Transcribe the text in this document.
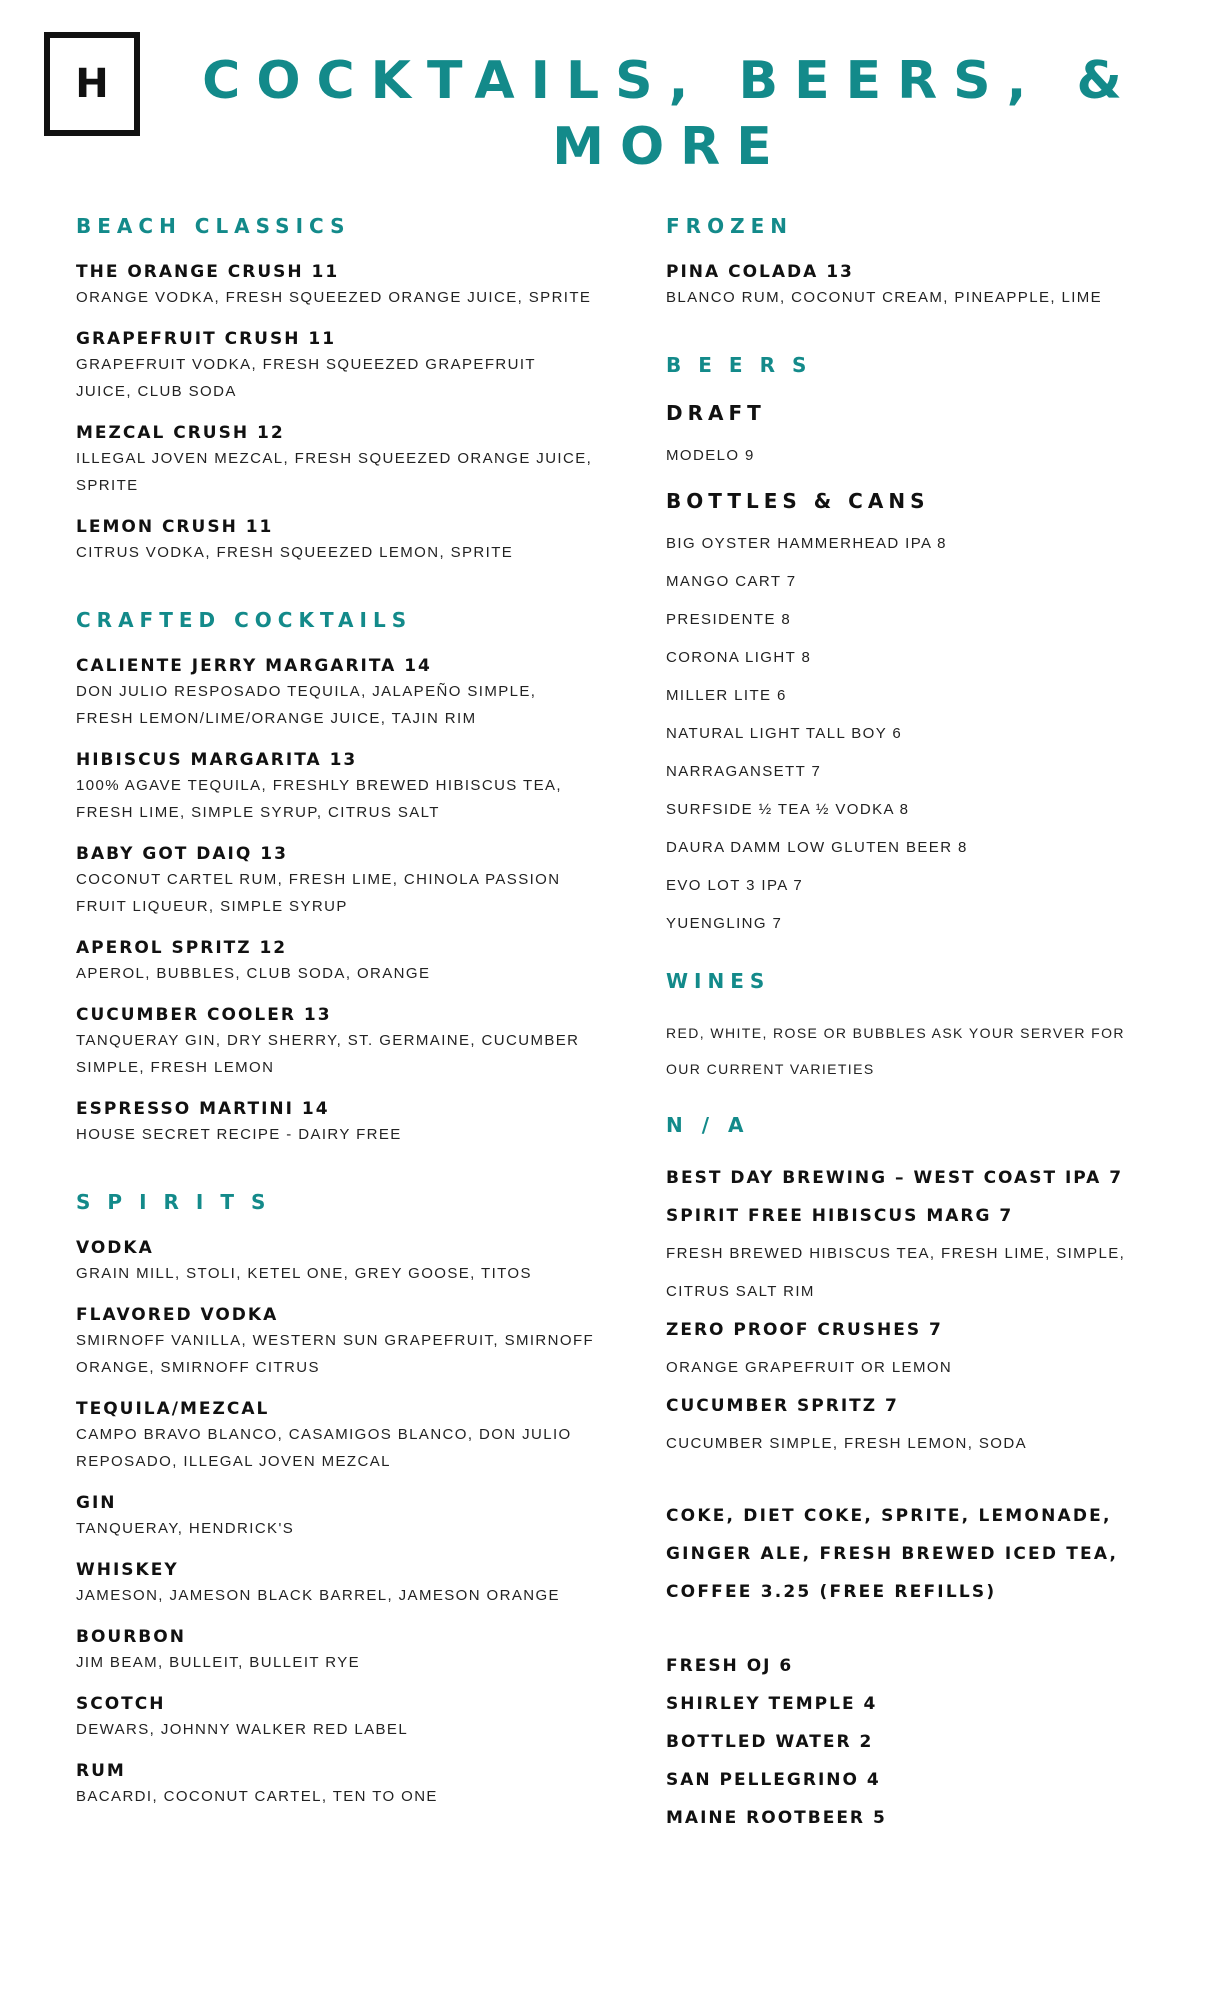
H COCKTAILS, BEERS, & MORE
BEACH CLASSICS
THE ORANGE CRUSH 11
ORANGE VODKA, FRESH SQUEEZED ORANGE JUICE, SPRITE
GRAPEFRUIT CRUSH 11
GRAPEFRUIT VODKA, FRESH SQUEEZED GRAPEFRUIT JUICE, CLUB SODA
MEZCAL CRUSH 12
ILLEGAL JOVEN MEZCAL, FRESH SQUEEZED ORANGE JUICE, SPRITE
LEMON CRUSH 11
CITRUS VODKA, FRESH SQUEEZED LEMON, SPRITE
CRAFTED COCKTAILS
CALIENTE JERRY MARGARITA 14
DON JULIO RESPOSADO TEQUILA, JALAPEÑO SIMPLE, FRESH LEMON/LIME/ORANGE JUICE, TAJIN RIM
HIBISCUS MARGARITA 13
100% AGAVE TEQUILA, FRESHLY BREWED HIBISCUS TEA, FRESH LIME, SIMPLE SYRUP, CITRUS SALT
BABY GOT DAIQ 13
COCONUT CARTEL RUM, FRESH LIME, CHINOLA PASSION FRUIT LIQUEUR, SIMPLE SYRUP
APEROL SPRITZ 12
APEROL, BUBBLES, CLUB SODA, ORANGE
CUCUMBER COOLER 13
TANQUERAY GIN, DRY SHERRY, ST. GERMAINE, CUCUMBER SIMPLE, FRESH LEMON
ESPRESSO MARTINI 14
HOUSE SECRET RECIPE - DAIRY FREE
SPIRITS
VODKA
GRAIN MILL, STOLI, KETEL ONE, GREY GOOSE, TITOS
FLAVORED VODKA
SMIRNOFF VANILLA, WESTERN SUN GRAPEFRUIT, SMIRNOFF ORANGE, SMIRNOFF CITRUS
TEQUILA/MEZCAL
CAMPO BRAVO BLANCO, CASAMIGOS BLANCO, DON JULIO REPOSADO, ILLEGAL JOVEN MEZCAL
GIN
TANQUERAY, HENDRICK'S
WHISKEY
JAMESON, JAMESON BLACK BARREL, JAMESON ORANGE
BOURBON
JIM BEAM, BULLEIT, BULLEIT RYE
SCOTCH
DEWARS, JOHNNY WALKER RED LABEL
RUM
BACARDI, COCONUT CARTEL, TEN TO ONE
FROZEN
PINA COLADA 13
BLANCO RUM, COCONUT CREAM, PINEAPPLE, LIME
BEERS
DRAFT
MODELO 9
BOTTLES & CANS
BIG OYSTER HAMMERHEAD IPA 8
MANGO CART 7
PRESIDENTE 8
CORONA LIGHT 8
MILLER LITE 6
NATURAL LIGHT TALL BOY 6
NARRAGANSETT 7
SURFSIDE ½ TEA ½ VODKA 8
DAURA DAMM LOW GLUTEN BEER 8
EVO LOT 3 IPA 7
YUENGLING 7
WINES
RED, WHITE, ROSE OR BUBBLES ASK YOUR SERVER FOR OUR CURRENT VARIETIES
N / A
BEST DAY BREWING – WEST COAST IPA 7
SPIRIT FREE HIBISCUS MARG 7
FRESH BREWED HIBISCUS TEA, FRESH LIME, SIMPLE, CITRUS SALT RIM
ZERO PROOF CRUSHES 7
ORANGE GRAPEFRUIT OR LEMON
CUCUMBER SPRITZ 7
CUCUMBER SIMPLE, FRESH LEMON, SODA
COKE, DIET COKE, SPRITE, LEMONADE, GINGER ALE, FRESH BREWED ICED TEA, COFFEE 3.25 (FREE REFILLS)
FRESH OJ 6
SHIRLEY TEMPLE 4
BOTTLED WATER 2
SAN PELLEGRINO 4
MAINE ROOTBEER 5
